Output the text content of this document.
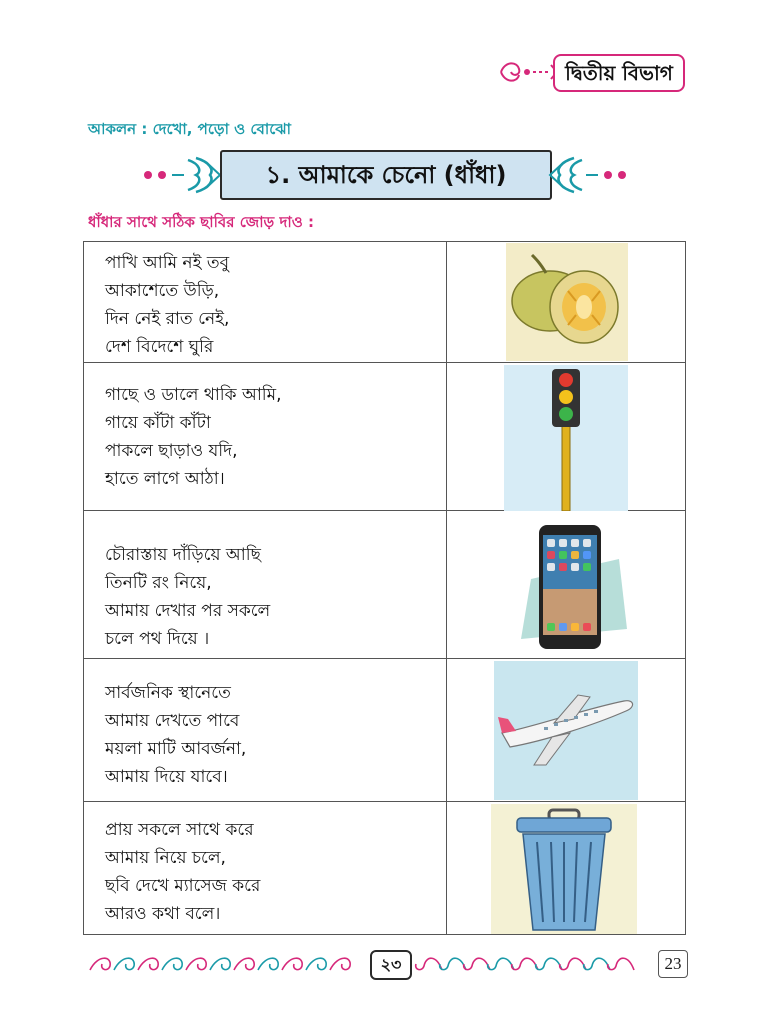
দ্বিতীয় বিভাগ
আকলন : দেখো, পড়ো ও বোঝো
১. আমাকে চেনো (ধাঁধা)
ধাঁধার সাথে সঠিক ছাবির জোড় দাও :
পাখি আমি নই তবু
আকাশেতে উড়ি,
দিন নেই রাত নেই,
দেশ বিদেশে ঘুরি
গাছে ও ডালে থাকি আমি,
গায়ে কাঁটা কাঁটা
পাকলে ছাড়াও যদি,
হাতে লাগে আঠা।
চৌরাস্তায় দাঁড়িয়ে আছি
তিনটি রং নিয়ে,
আমায় দেখার পর সকলে
চলে পথ দিয়ে ।
সার্বজনিক স্থানেতে
আমায় দেখতে পাবে
ময়লা মাটি আবর্জনা,
আমায় দিয়ে যাবে।
প্রায় সকলে সাথে করে
আমায় নিয়ে চলে,
ছবি দেখে ম্যাসেজ করে
আরও কথা বলে।
২৩	23
